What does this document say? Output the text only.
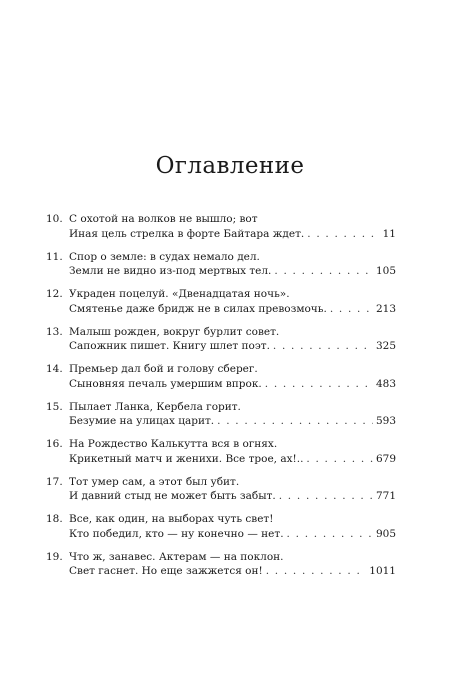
Оглавление
10. С охотой на волков не вышло; вот
Иная цель стрелка в форте Байтара ждет. . . .	11
11. Спор о земле: в судах немало дел.
Земли не видно из-под мертвых тел. . . .	105
12. Украден поцелуй. «Двенадцатая ночь».
Смятенье даже бридж не в силах превозмочь. . . .	213
13. Малыш рожден, вокруг бурлит совет.
Сапожник пишет. Книгу шлет поэт. . . .	325
14. Премьер дал бой и голову сберег.
Сыновняя печаль умершим впрок. . . .	483
15. Пылает Ланка, Кербела горит.
Безумие на улицах царит. . . .	593
16. На Рождество Калькутта вся в огнях.
Крикетный матч и женихи. Все трое, ах!.. . . .	679
17. Тот умер сам, а этот был убит.
И давний стыд не может быть забыт. . . .	771
18. Все, как один, на выборах чуть свет!
Кто победил, кто — ну конечно — нет. . . .	905
19. Что ж, занавес. Актерам — на поклон.
Свет гаснет. Но еще зажжется он! . . .	1011
